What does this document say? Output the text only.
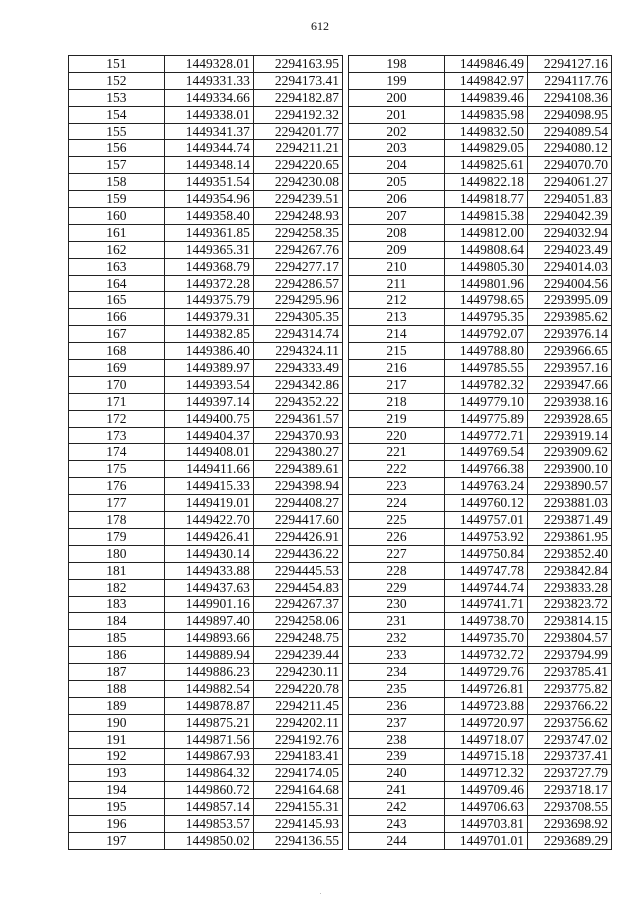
612
151	1449328.01	2294163.95
152	1449331.33	2294173.41
153	1449334.66	2294182.87
154	1449338.01	2294192.32
155	1449341.37	2294201.77
156	1449344.74	2294211.21
157	1449348.14	2294220.65
158	1449351.54	2294230.08
159	1449354.96	2294239.51
160	1449358.40	2294248.93
161	1449361.85	2294258.35
162	1449365.31	2294267.76
163	1449368.79	2294277.17
164	1449372.28	2294286.57
165	1449375.79	2294295.96
166	1449379.31	2294305.35
167	1449382.85	2294314.74
168	1449386.40	2294324.11
169	1449389.97	2294333.49
170	1449393.54	2294342.86
171	1449397.14	2294352.22
172	1449400.75	2294361.57
173	1449404.37	2294370.93
174	1449408.01	2294380.27
175	1449411.66	2294389.61
176	1449415.33	2294398.94
177	1449419.01	2294408.27
178	1449422.70	2294417.60
179	1449426.41	2294426.91
180	1449430.14	2294436.22
181	1449433.88	2294445.53
182	1449437.63	2294454.83
183	1449901.16	2294267.37
184	1449897.40	2294258.06
185	1449893.66	2294248.75
186	1449889.94	2294239.44
187	1449886.23	2294230.11
188	1449882.54	2294220.78
189	1449878.87	2294211.45
190	1449875.21	2294202.11
191	1449871.56	2294192.76
192	1449867.93	2294183.41
193	1449864.32	2294174.05
194	1449860.72	2294164.68
195	1449857.14	2294155.31
196	1449853.57	2294145.93
197	1449850.02	2294136.55
198	1449846.49	2294127.16
199	1449842.97	2294117.76
200	1449839.46	2294108.36
201	1449835.98	2294098.95
202	1449832.50	2294089.54
203	1449829.05	2294080.12
204	1449825.61	2294070.70
205	1449822.18	2294061.27
206	1449818.77	2294051.83
207	1449815.38	2294042.39
208	1449812.00	2294032.94
209	1449808.64	2294023.49
210	1449805.30	2294014.03
211	1449801.96	2294004.56
212	1449798.65	2293995.09
213	1449795.35	2293985.62
214	1449792.07	2293976.14
215	1449788.80	2293966.65
216	1449785.55	2293957.16
217	1449782.32	2293947.66
218	1449779.10	2293938.16
219	1449775.89	2293928.65
220	1449772.71	2293919.14
221	1449769.54	2293909.62
222	1449766.38	2293900.10
223	1449763.24	2293890.57
224	1449760.12	2293881.03
225	1449757.01	2293871.49
226	1449753.92	2293861.95
227	1449750.84	2293852.40
228	1449747.78	2293842.84
229	1449744.74	2293833.28
230	1449741.71	2293823.72
231	1449738.70	2293814.15
232	1449735.70	2293804.57
233	1449732.72	2293794.99
234	1449729.76	2293785.41
235	1449726.81	2293775.82
236	1449723.88	2293766.22
237	1449720.97	2293756.62
238	1449718.07	2293747.02
239	1449715.18	2293737.41
240	1449712.32	2293727.79
241	1449709.46	2293718.17
242	1449706.63	2293708.55
243	1449703.81	2293698.92
244	1449701.01	2293689.29
